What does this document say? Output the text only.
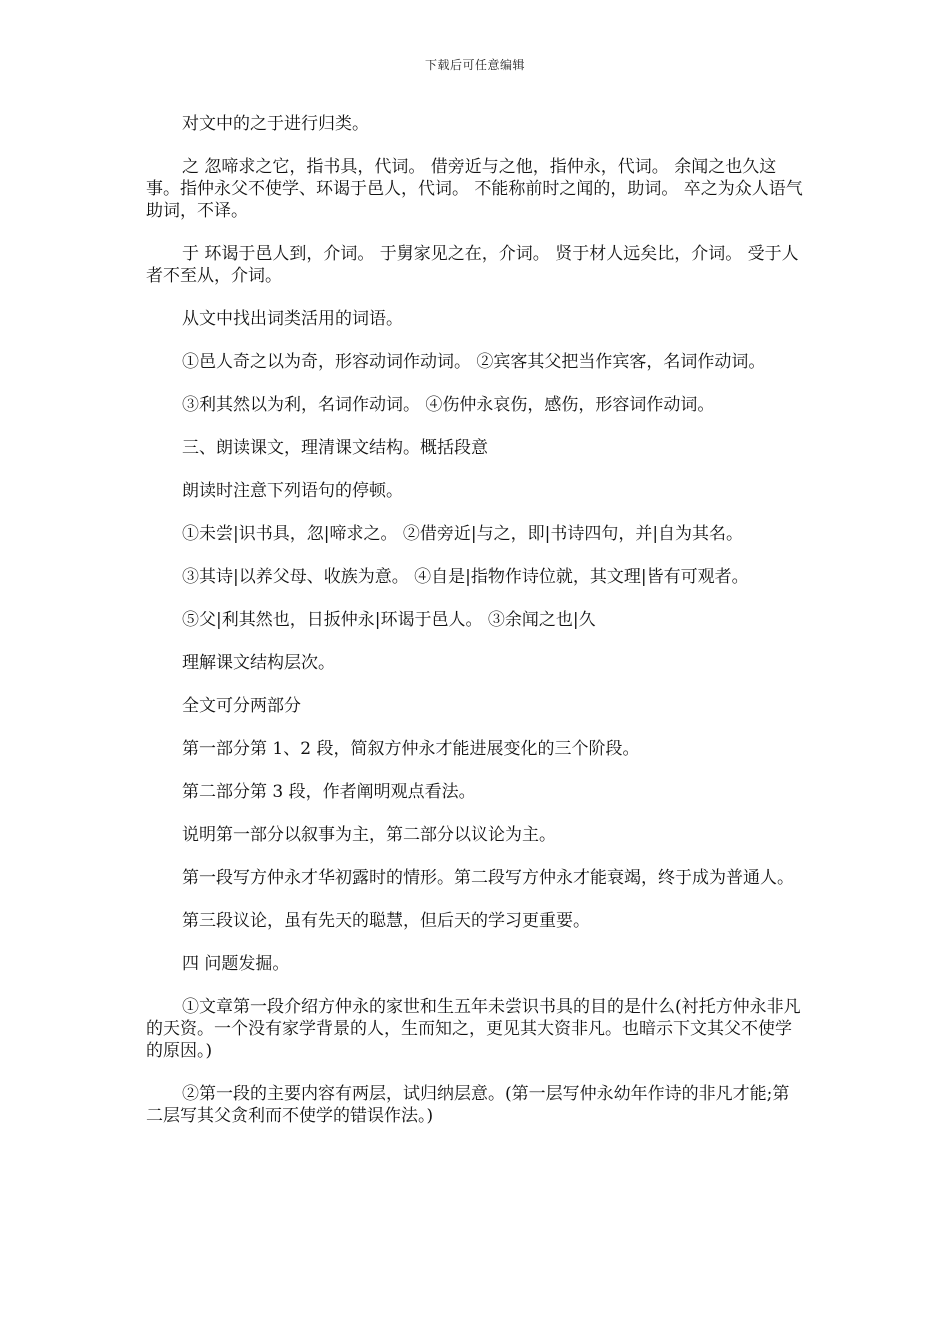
下载后可任意编辑

对文中的之于进行归类。

之 忽啼求之它，指书具，代词。 借旁近与之他，指仲永，代词。 余闻之也久这事。指仲永父不使学、环谒于邑人，代词。 不能称前时之闻的，助词。 卒之为众人语气助词，不译。

于 环谒于邑人到，介词。 于舅家见之在，介词。 贤于材人远矣比，介词。 受于人者不至从，介词。

从文中找出词类活用的词语。

①邑人奇之以为奇，形容动词作动词。 ②宾客其父把当作宾客，名词作动词。

③利其然以为利，名词作动词。 ④伤仲永哀伤，感伤，形容词作动词。

三、朗读课文，理清课文结构。概括段意

朗读时注意下列语句的停顿。

①未尝|识书具，忽|啼求之。 ②借旁近|与之，即|书诗四句，并|自为其名。

③其诗|以养父母、收族为意。 ④自是|指物作诗位就，其文理|皆有可观者。

⑤父|利其然也，日扳仲永|环谒于邑人。 ③余闻之也|久

理解课文结构层次。

全文可分两部分

第一部分第 1、2 段，简叙方仲永才能进展变化的三个阶段。

第二部分第 3 段，作者阐明观点看法。

说明第一部分以叙事为主，第二部分以议论为主。

第一段写方仲永才华初露时的情形。第二段写方仲永才能衰竭，终于成为普通人。

第三段议论，虽有先天的聪慧，但后天的学习更重要。

四 问题发掘。

①文章第一段介绍方仲永的家世和生五年未尝识书具的目的是什么(衬托方仲永非凡的天资。一个没有家学背景的人，生而知之，更见其大资非凡。也暗示下文其父不使学的原因。)

②第一段的主要内容有两层，试归纳层意。(第一层写仲永幼年作诗的非凡才能;第二层写其父贪利而不使学的错误作法。)
